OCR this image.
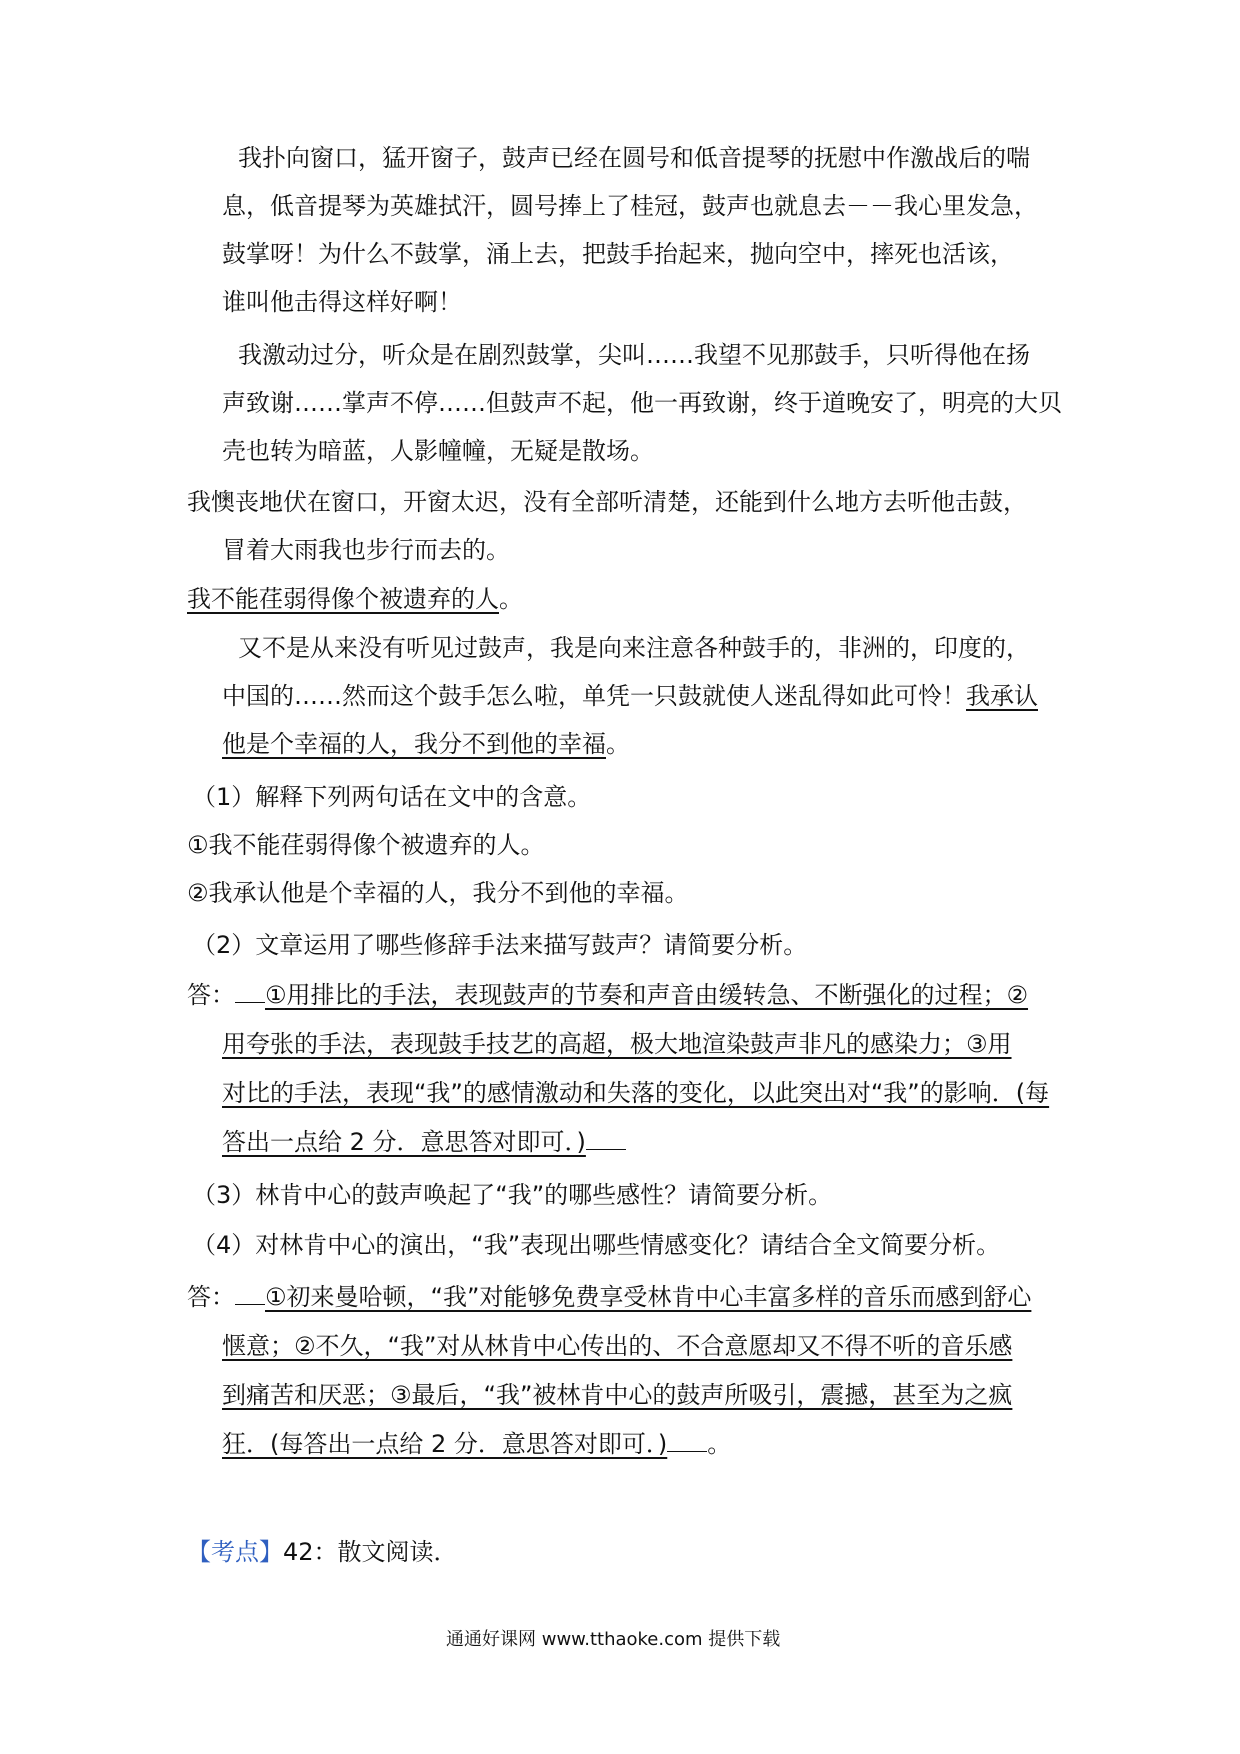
我扑向窗口，猛开窗子，鼓声已经在圆号和低音提琴的抚慰中作激战后的喘
息，低音提琴为英雄拭汗，圆号捧上了桂冠，鼓声也就息去－－我心里发急，
鼓掌呀！为什么不鼓掌，涌上去，把鼓手抬起来，抛向空中，摔死也活该，
谁叫他击得这样好啊！
我激动过分，听众是在剧烈鼓掌，尖叫……我望不见那鼓手，只听得他在扬
声致谢……掌声不停……但鼓声不起，他一再致谢，终于道晚安了，明亮的大贝
壳也转为暗蓝，人影幢幢，无疑是散场。
我懊丧地伏在窗口，开窗太迟，没有全部听清楚，还能到什么地方去听他击鼓，
冒着大雨我也步行而去的。
我不能荏弱得像个被遗弃的人。
又不是从来没有听见过鼓声，我是向来注意各种鼓手的，非洲的，印度的，
中国的……然而这个鼓手怎么啦，单凭一只鼓就使人迷乱得如此可怜！我承认
他是个幸福的人，我分不到他的幸福。
（1）解释下列两句话在文中的含意。
①我不能荏弱得像个被遗弃的人。
②我承认他是个幸福的人，我分不到他的幸福。
（2）文章运用了哪些修辞手法来描写鼓声？请简要分析。
答： ①用排比的手法，表现鼓声的节奏和声音由缓转急、不断强化的过程；②
用夸张的手法，表现鼓手技艺的高超，极大地渲染鼓声非凡的感染力；③用
对比的手法，表现“我”的感情激动和失落的变化，以此突出对“我”的影响．(每
答出一点给 2 分．意思答对即可．)
（3）林肯中心的鼓声唤起了“我”的哪些感性？请简要分析。
（4）对林肯中心的演出，“我”表现出哪些情感变化？请结合全文简要分析。
答： ①初来曼哈顿，“我”对能够免费享受林肯中心丰富多样的音乐而感到舒心
惬意；②不久，“我”对从林肯中心传出的、不合意愿却又不得不听的音乐感
到痛苦和厌恶；③最后，“我”被林肯中心的鼓声所吸引，震撼，甚至为之疯
狂．(每答出一点给 2 分．意思答对即可．) 。
【考点】42：散文阅读．
通通好课网 www.tthaoke.com 提供下载
